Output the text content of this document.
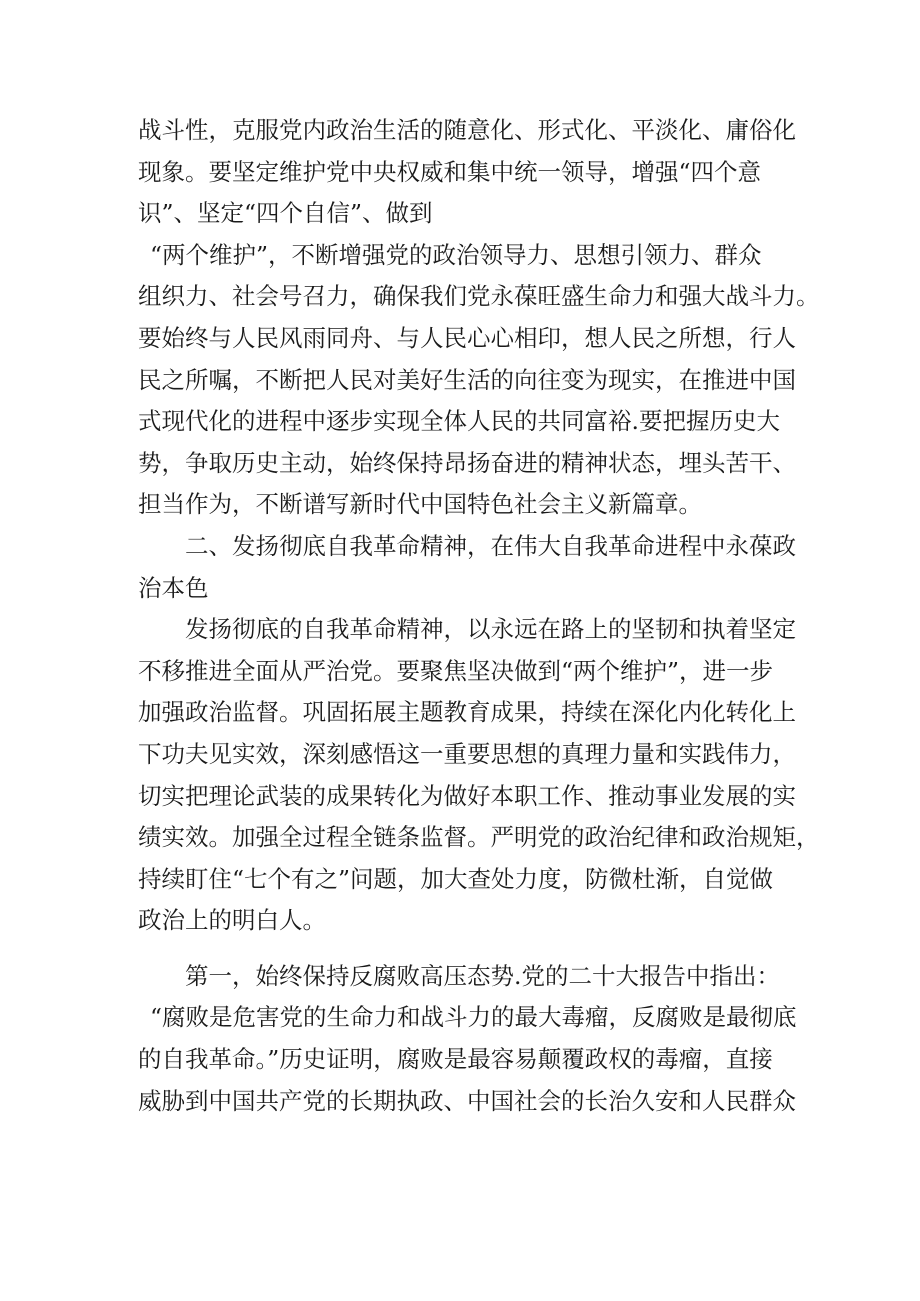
战斗性，克服党内政治生活的随意化、形式化、平淡化、庸俗化
现象。要坚定维护党中央权威和集中统一领导，增强“四个意
识”、坚定“四个自信”、做到
“两个维护”，不断增强党的政治领导力、思想引领力、群众
组织力、社会号召力，确保我们党永葆旺盛生命力和强大战斗力。
要始终与人民风雨同舟、与人民心心相印，想人民之所想，行人
民之所嘱，不断把人民对美好生活的向往变为现实，在推进中国
式现代化的进程中逐步实现全体人民的共同富裕.要把握历史大
势，争取历史主动，始终保持昂扬奋进的精神状态，埋头苦干、
担当作为，不断谱写新时代中国特色社会主义新篇章。
二、发扬彻底自我革命精神，在伟大自我革命进程中永葆政
治本色
发扬彻底的自我革命精神，以永远在路上的坚韧和执着坚定
不移推进全面从严治党。要聚焦坚决做到“两个维护”，进一步
加强政治监督。巩固拓展主题教育成果，持续在深化内化转化上
下功夫见实效，深刻感悟这一重要思想的真理力量和实践伟力，
切实把理论武装的成果转化为做好本职工作、推动事业发展的实
绩实效。加强全过程全链条监督。严明党的政治纪律和政治规矩，
持续盯住“七个有之”问题，加大查处力度，防微杜渐，自觉做
政治上的明白人。
第一，始终保持反腐败高压态势.党的二十大报告中指出：
“腐败是危害党的生命力和战斗力的最大毒瘤，反腐败是最彻底
的自我革命。”历史证明，腐败是最容易颠覆政权的毒瘤，直接
威胁到中国共产党的长期执政、中国社会的长治久安和人民群众
